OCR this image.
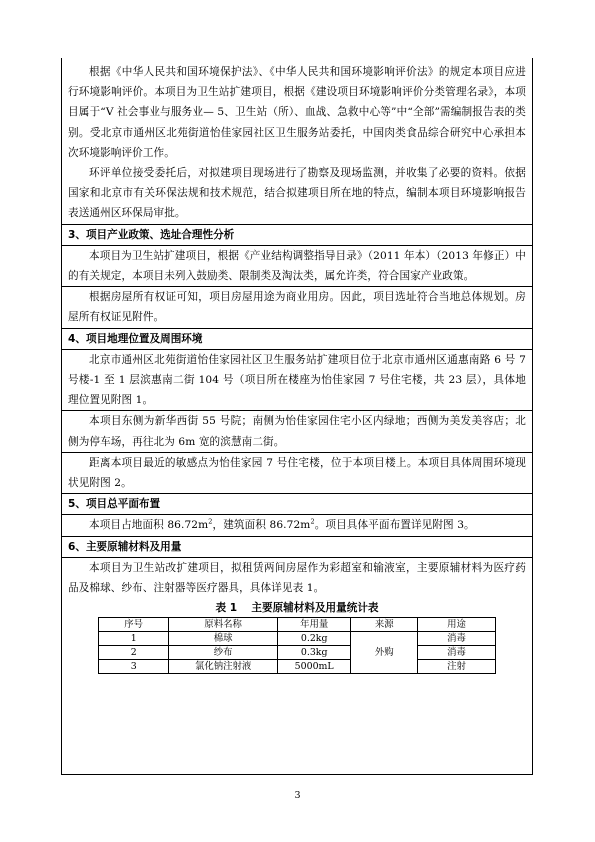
根据《中华人民共和国环境保护法》、《中华人民共和国环境影响评价法》的规定本项目应进行环境影响评价。本项目为卫生站扩建项目，根据《建设项目环境影响评价分类管理名录》，本项目属于“Ⅴ 社会事业与服务业— 5、卫生站（所）、血战、急救中心等”中“全部”需编制报告表的类别。受北京市通州区北苑街道怡佳家园社区卫生服务站委托，中国肉类食品综合研究中心承担本次环境影响评价工作。

环评单位接受委托后，对拟建项目现场进行了勘察及现场监测，并收集了必要的资料。依据国家和北京市有关环保法规和技术规范，结合拟建项目所在地的特点，编制本项目环境影响报告表送通州区环保局审批。

3、项目产业政策、选址合理性分析

本项目为卫生站扩建项目，根据《产业结构调整指导目录》（2011 年本）（2013 年修正）中的有关规定，本项目未列入鼓励类、限制类及淘汰类，属允许类，符合国家产业政策。

根据房屋所有权证可知，项目房屋用途为商业用房。因此，项目选址符合当地总体规划。房屋所有权证见附件。

4、项目地理位置及周围环境

北京市通州区北苑街道怡佳家园社区卫生服务站扩建项目位于北京市通州区通惠南路 6 号 7 号楼-1 至 1 层滨惠南二街 104 号（项目所在楼座为怡佳家园 7 号住宅楼，共 23 层），具体地理位置见附图 1。

本项目东侧为新华西街 55 号院；南侧为怡佳家园住宅小区内绿地；西侧为美发美容店；北侧为停车场，再往北为 6m 宽的滨慧南二街。

距离本项目最近的敏感点为怡佳家园 7 号住宅楼，位于本项目楼上。本项目具体周围环境现状见附图 2。

5、项目总平面布置

本项目占地面积 $86.72m^2$，建筑面积 $86.72m^2$。项目具体平面布置详见附图 3。

6、主要原辅材料及用量

本项目为卫生站改扩建项目，拟租赁两间房屋作为彩超室和输液室，主要原辅材料为医疗药品及棉球、纱布、注射器等医疗器具，具体详见表 1。

表 1　 主要原辅材料及用量统计表
序号	原料名称	年用量	来源	用途
1	棉球	0.2kg	外购	消毒
2	纱布	0.3kg		消毒
3	氯化钠注射液	5000mL		注射
3
